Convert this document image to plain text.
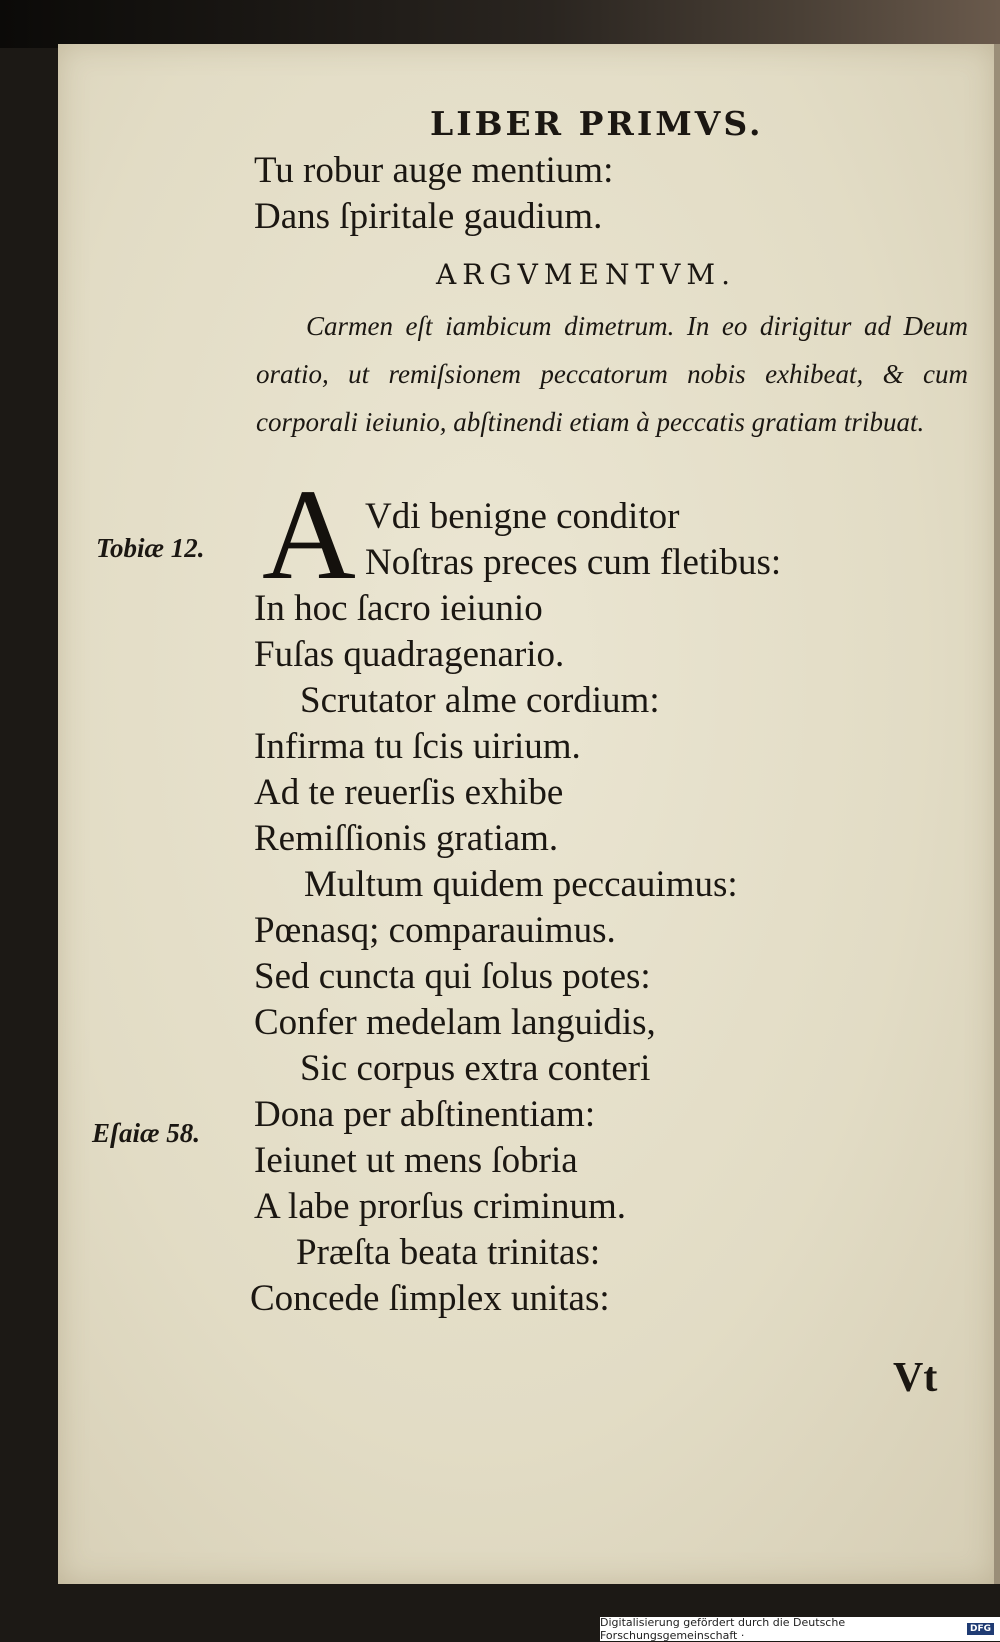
LIBER PRIMVS.
Tu robur auge mentium:
Dans ſpiritale gaudium.
ARGVMENTVM.
Carmen eſt iambicum dimetrum. In eo dirigitur ad Deum oratio, ut remiſsionem peccatorum nobis exhibeat, & cum corporali ieiunio, abſtinendi etiam à peccatis gratiam tribuat.
A
Tobiæ 12.
Eſaiæ 58.
Vdi benigne conditor
Noſtras preces cum fletibus:
In hoc ſacro ieiunio
Fuſas quadragenario.
Scrutator alme cordium:
Infirma tu ſcis uirium.
Ad te reuerſis exhibe
Remiſſionis gratiam.
Multum quidem peccauimus:
Pœnasq; comparauimus.
Sed cuncta qui ſolus potes:
Confer medelam languidis,
Sic corpus extra conteri
Dona per abſtinentiam:
Ieiunet ut mens ſobria
A labe prorſus criminum.
Præſta beata trinitas:
Concede ſimplex unitas:
Vt
Digitalisierung gefördert durch die Deutsche Forschungsgemeinschaft ·	DFG
